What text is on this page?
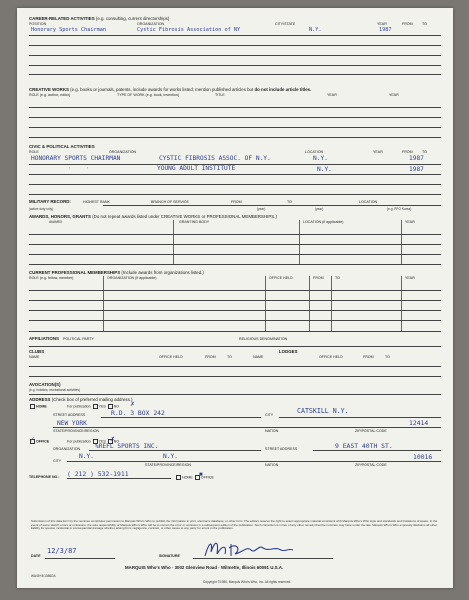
CAREER-RELATED ACTIVITIES (e.g. consulting, current directorships)
POSITION	ORGANIZATION	CITY/STATE	YEAR	FROM	TO
Honorary Sports Chairman	Cystic Fibrosis Association of NY	N.Y.	1987
CREATIVE WORKS (e.g. books or journals, patents, include awards for works listed; mention published articles but do not include article titles.
ROLE (e.g. author, editor)	TYPE OF WORK (e.g. book, invention)	TITLE	YEAR	YEAR
CIVIC & POLITICAL ACTIVITIES
ROLE	ORGANIZATION	LOCATION	YEAR	FROM	TO
HONORARY SPORTS CHAIRMAN	CYSTIC FIBROSIS ASSOC. OF N.Y.	N.Y.	1987
"	"	YOUNG ADULT INSTITUTE	N.Y.	1987
MILITARY RECORD:	HIGHEST RANK	BRANCH OF SERVICE	FROM	TO	LOCATION
(active duty only)	(year)	(year)	(e.g. PFO Korea)
AWARDS, HONORS, GRANTS (Do not repeat awards listed under CREATIVE WORKS or PROFESSIONAL MEMBERSHIPS.)
AWARD	GRANTING BODY	LOCATION (if applicable)	YEAR
CURRENT PROFESSIONAL MEMBERSHIPS (Include awards from organizations listed.)
ROLE (e.g. fellow, member)	ORGANIZATION (if applicable)	OFFICE HELD	FROM	TO	YEAR
AFFILIATIONS POLITICAL PARTY	RELIGIOUS DENOMINATION
CLUBS	LODGES
NAME	OFFICE HELD	FROM	TO	NAME	OFFICE HELD	FROM	TO
AVOCATION(S)
(e.g. hobbies, recreational activities)
ADDRESS (Check box of preferred mailing address.)
HOME	For publication YES NO ✗
STREET ADDRESS	R.D. 3 BOX 242	CITY	CATSKILL N.Y.
NEW YORK	12414
STATE/PROVINCE/REGION	NATION	ZIP/POSTAL CODE
OFFICE
✓	For publication YES NO
✗
ORGANIZATION %REFL SPORTS INC.	STREET ADDRESS	9 EAST 40TH ST.
CITY
N.Y.	N.Y.	10016
STATE/PROVINCE/REGION	NATION	ZIP/POSTAL CODE
TELEPHONE NO.: ( 212 ) 532-1911	HOME OFFICE
■
Submission of this data form by the nominee constitutes permission to Marquis Who's Who to publish the information in print, electronic database, or other form. The editors reserve the right to select appropriate material consistent with Marquis Who's Who style and standards and limitations of space. In the event of some sketch errors or omissions, the sole responsibility of Marquis Who's Who will be to correct the error or omission in a subsequent edition of the publication. Such correction is in lieu of any other remedy that the nominee may have under the law. Marquis Who's Who expressly disclaims all other liability for special, incidental or consequential damage whether arising from negligence, contract, or other cause to any party for errors in the publication.
DATE
12/3/87
SIGNATURE
MARQUIS Who's Who · 3002 Glenview Road · Wilmette, Illinois 60091 U.S.A.
WA45+5/1086DA
Copyright ©1986, Marquis Who's Who, Inc. All rights reserved.
